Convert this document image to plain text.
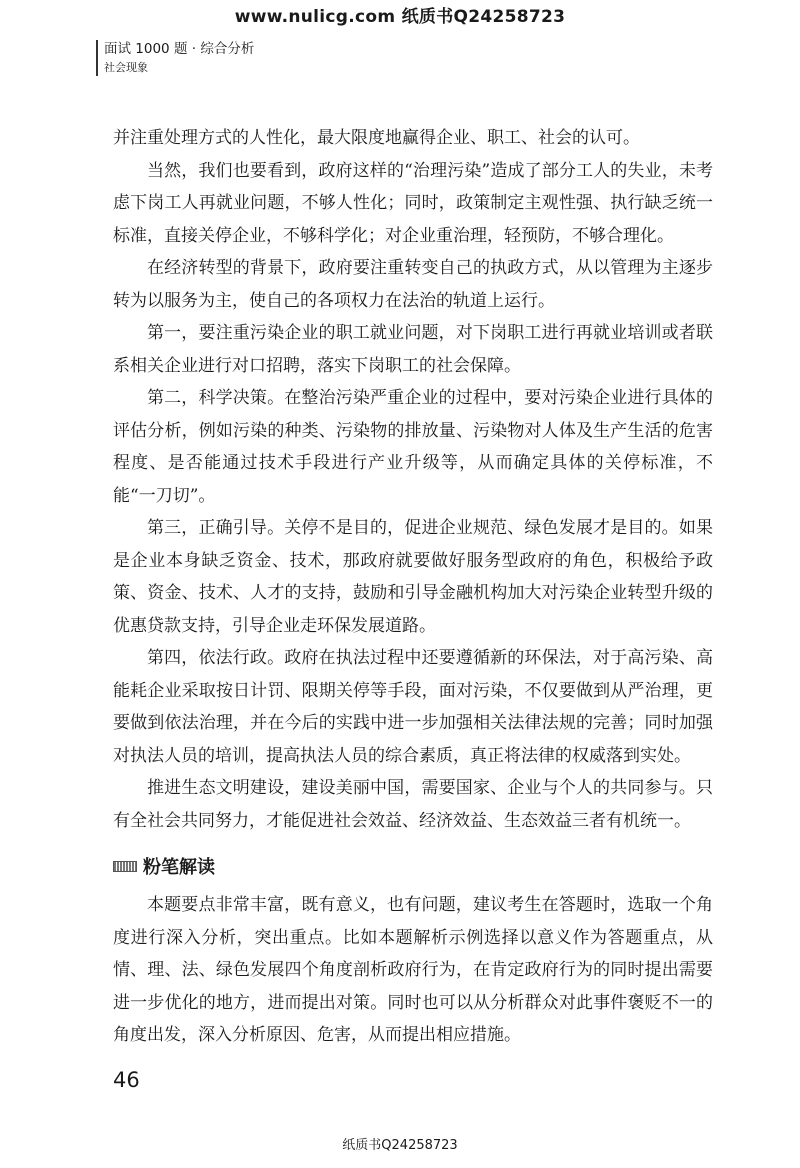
www.nulicg.com 纸质书Q24258723
面试 1000 题 · 综合分析
社会现象

并注重处理方式的人性化，最大限度地赢得企业、职工、社会的认可。

当然，我们也要看到，政府这样的“治理污染”造成了部分工人的失业，未考虑下岗工人再就业问题，不够人性化；同时，政策制定主观性强、执行缺乏统一标准，直接关停企业，不够科学化；对企业重治理，轻预防，不够合理化。

在经济转型的背景下，政府要注重转变自己的执政方式，从以管理为主逐步转为以服务为主，使自己的各项权力在法治的轨道上运行。

第一，要注重污染企业的职工就业问题，对下岗职工进行再就业培训或者联系相关企业进行对口招聘，落实下岗职工的社会保障。

第二，科学决策。在整治污染严重企业的过程中，要对污染企业进行具体的评估分析，例如污染的种类、污染物的排放量、污染物对人体及生产生活的危害程度、是否能通过技术手段进行产业升级等，从而确定具体的关停标准，不能“一刀切”。

第三，正确引导。关停不是目的，促进企业规范、绿色发展才是目的。如果是企业本身缺乏资金、技术，那政府就要做好服务型政府的角色，积极给予政策、资金、技术、人才的支持，鼓励和引导金融机构加大对污染企业转型升级的优惠贷款支持，引导企业走环保发展道路。

第四，依法行政。政府在执法过程中还要遵循新的环保法，对于高污染、高能耗企业采取按日计罚、限期关停等手段，面对污染，不仅要做到从严治理，更要做到依法治理，并在今后的实践中进一步加强相关法律法规的完善；同时加强对执法人员的培训，提高执法人员的综合素质，真正将法律的权威落到实处。

推进生态文明建设，建设美丽中国，需要国家、企业与个人的共同参与。只有全社会共同努力，才能促进社会效益、经济效益、生态效益三者有机统一。

粉笔解读

本题要点非常丰富，既有意义，也有问题，建议考生在答题时，选取一个角度进行深入分析，突出重点。比如本题解析示例选择以意义作为答题重点，从情、理、法、绿色发展四个角度剖析政府行为，在肯定政府行为的同时提出需要进一步优化的地方，进而提出对策。同时也可以从分析群众对此事件褒贬不一的角度出发，深入分析原因、危害，从而提出相应措施。

46
纸质书Q24258723
